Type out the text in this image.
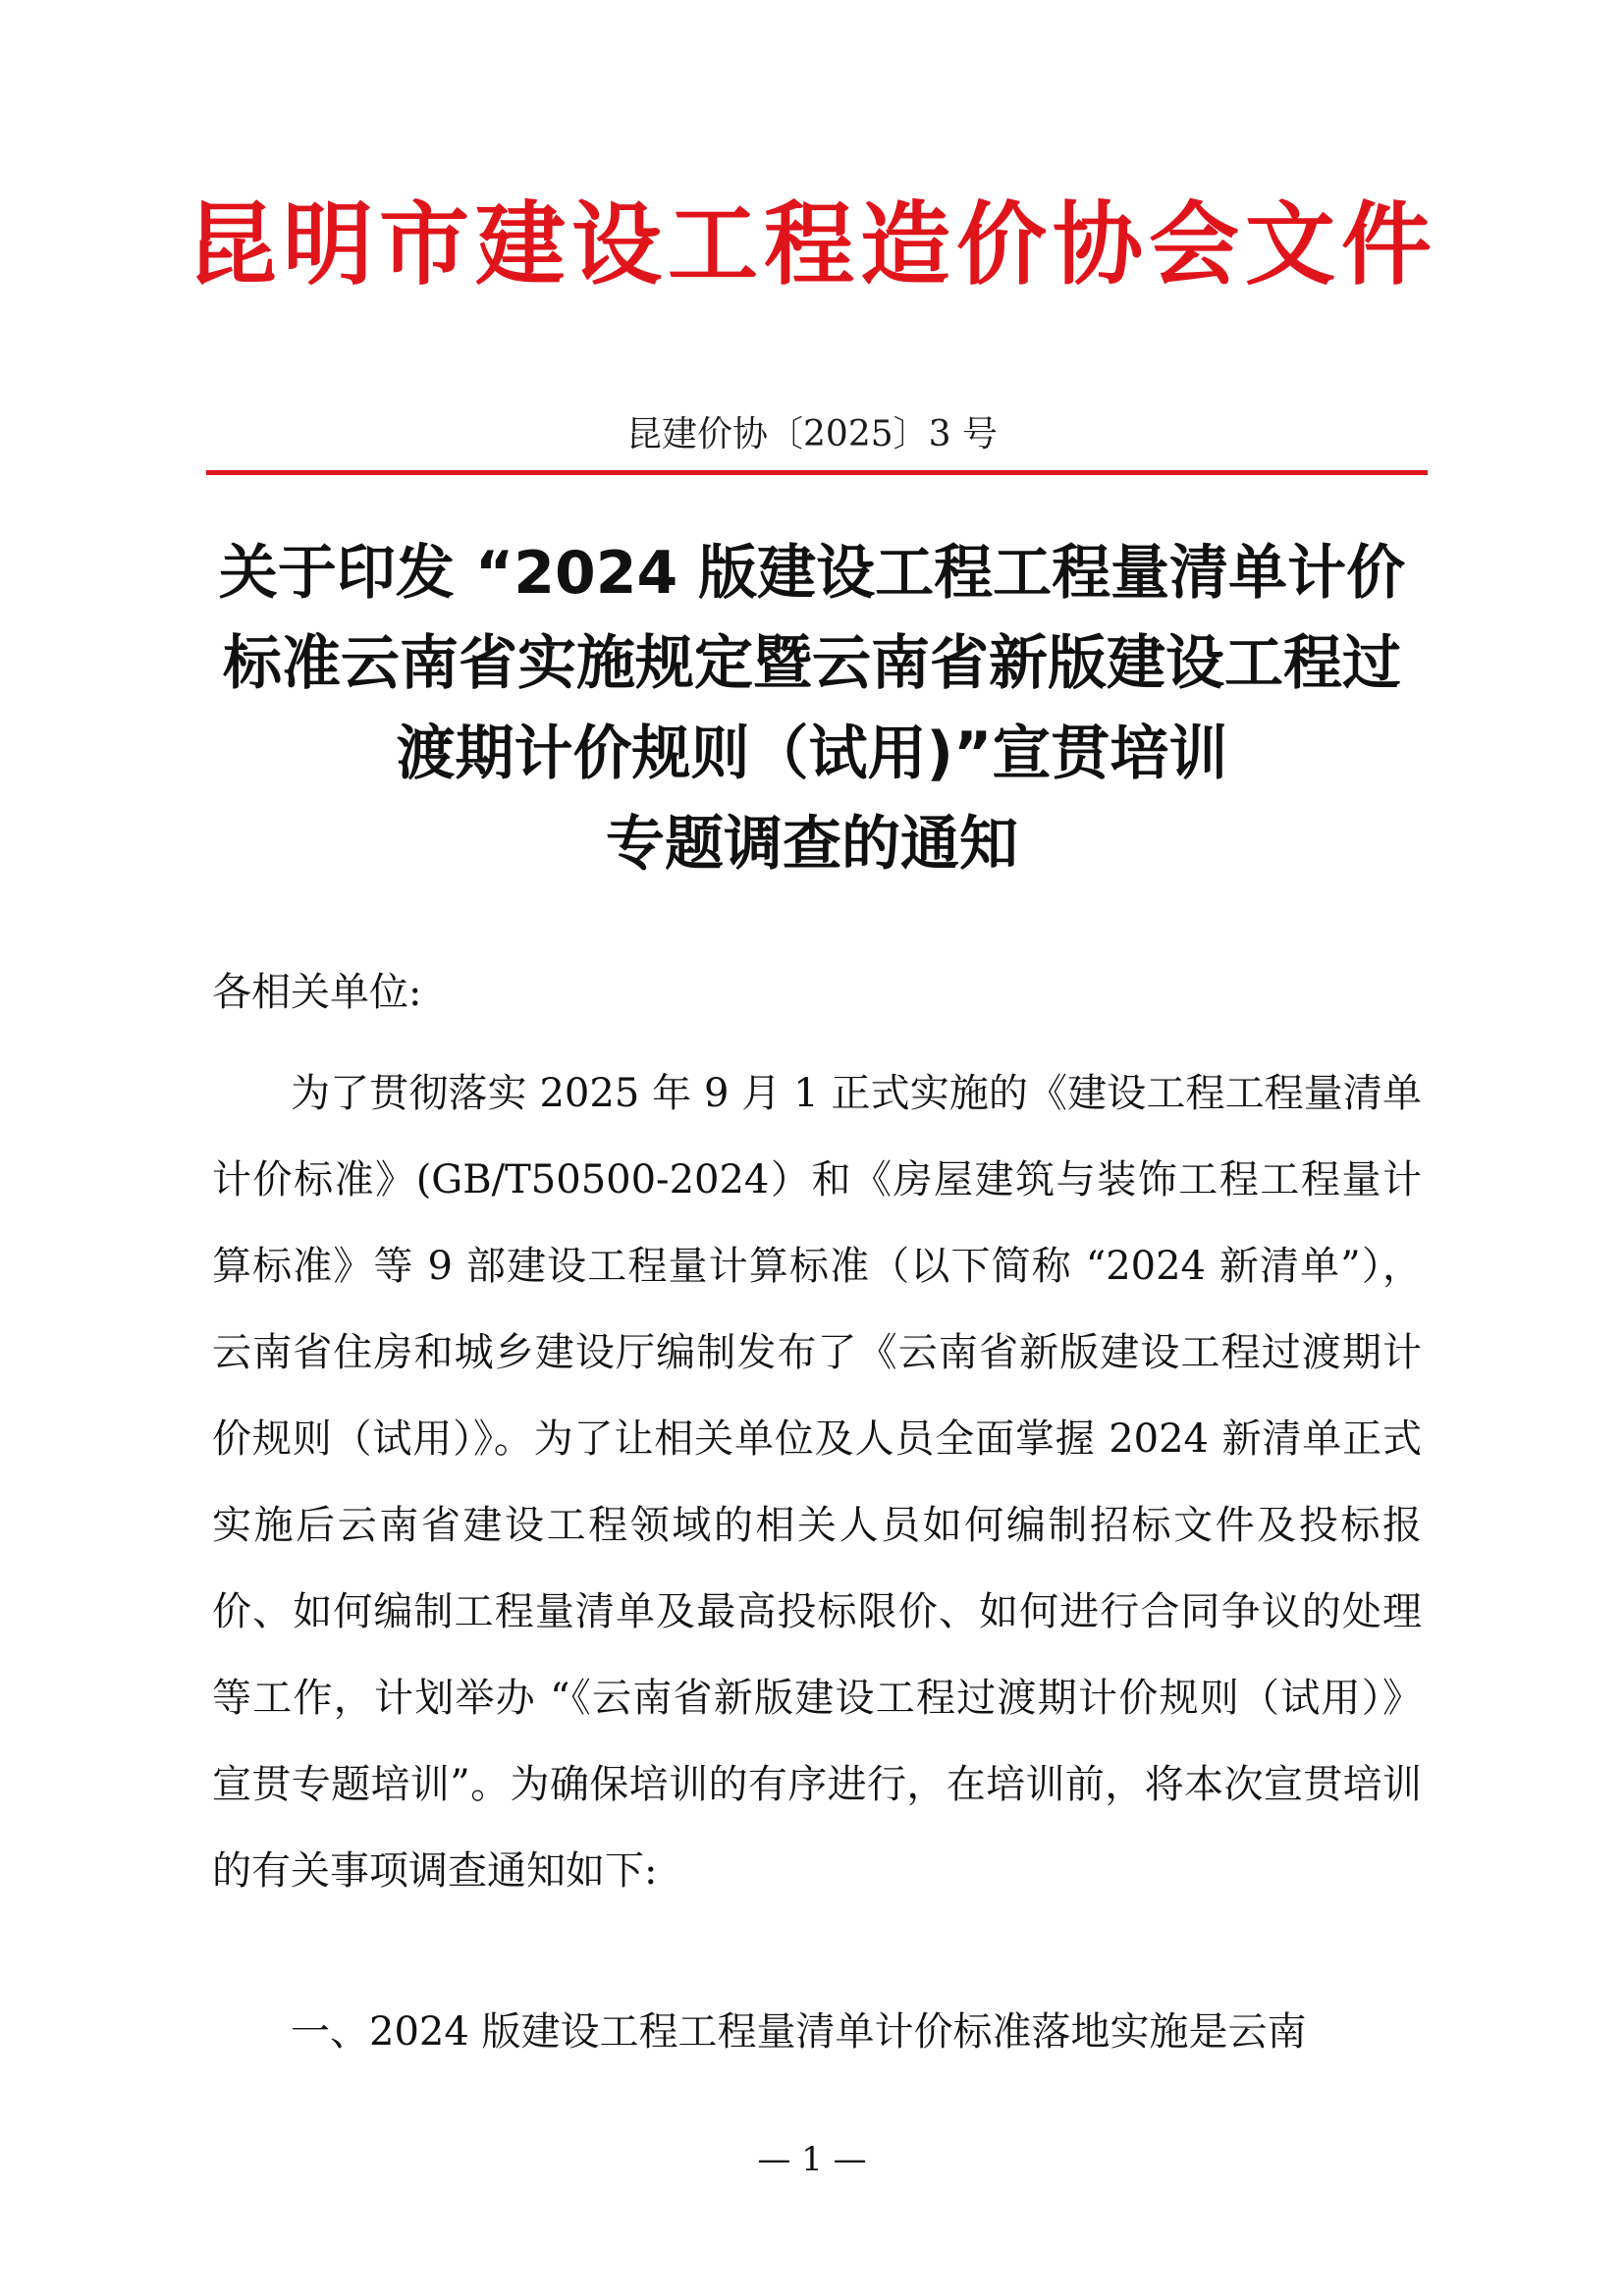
昆明市建设工程造价协会文件
昆建价协〔2025〕3 号
关于印发 “2024 版建设工程工程量清单计价
标准云南省实施规定暨云南省新版建设工程过
渡期计价规则（试用)”宣贯培训
专题调查的通知
各相关单位:

为了贯彻落实 2025 年 9 月 1 正式实施的《建设工程工程量清单计价标准》(GB/T50500-2024）和《房屋建筑与装饰工程工程量计算标准》等 9 部建设工程量计算标准（以下简称 “2024 新清单”），云南省住房和城乡建设厅编制发布了《云南省新版建设工程过渡期计价规则（试用）》。为了让相关单位及人员全面掌握 2024 新清单正式实施后云南省建设工程领域的相关人员如何编制招标文件及投标报价、如何编制工程量清单及最高投标限价、如何进行合同争议的处理等工作，计划举办 “《云南省新版建设工程过渡期计价规则（试用）》宣贯专题培训”。为确保培训的有序进行，在培训前，将本次宣贯培训的有关事项调查通知如下:

一、2024 版建设工程工程量清单计价标准落地实施是云南

— 1 —
